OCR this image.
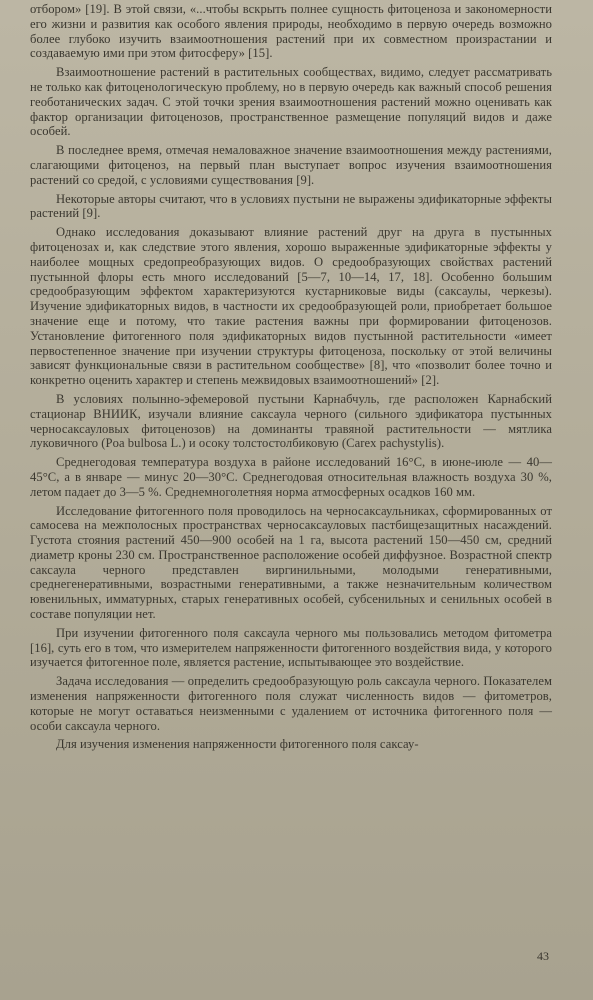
отбором» [19]. В этой связи, «...чтобы вскрыть полнее сущность фитоценоза и закономерности его жизни и развития как особого явления природы, необходимо в первую очередь возможно более глубоко изучить взаимоотношения растений при их совместном произрастании и создаваемую ими при этом фитосферу» [15].

Взаимоотношение растений в растительных сообществах, видимо, следует рассматривать не только как фитоценологическую проблему, но в первую очередь как важный способ решения геоботанических задач. С этой точки зрения взаимоотношения растений можно оценивать как фактор организации фитоценозов, пространственное размещение популяций видов и даже особей.

В последнее время, отмечая немаловажное значение взаимоотношения между растениями, слагающими фитоценоз, на первый план выступает вопрос изучения взаимоотношения растений со средой, с условиями существования [9].

Некоторые авторы считают, что в условиях пустыни не выражены эдификаторные эффекты растений [9].

Однако исследования доказывают влияние растений друг на друга в пустынных фитоценозах и, как следствие этого явления, хорошо выраженные эдификаторные эффекты у наиболее мощных средопреобразующих видов. О средообразующих свойствах растений пустынной флоры есть много исследований [5—7, 10—14, 17, 18]. Особенно большим средообразующим эффектом характеризуются кустарниковые виды (саксаулы, черкезы). Изучение эдификаторных видов, в частности их средообразующей роли, приобретает большое значение еще и потому, что такие растения важны при формировании фитоценозов. Установление фитогенного поля эдификаторных видов пустынной растительности «имеет первостепенное значение при изучении структуры фитоценоза, поскольку от этой величины зависят функциональные связи в растительном сообществе» [8], что «позволит более точно и конкретно оценить характер и степень межвидовых взаимоотношений» [2].

В условиях полынно-эфемеровой пустыни Карнабчуль, где расположен Карнабский стационар ВНИИК, изучали влияние саксаула черного (сильного эдификатора пустынных черносаксауловых фитоценозов) на доминанты травяной растительности — мятлика луковичного (Poa bulbosa L.) и осоку толстостолбиковую (Carex pachystylis).

Среднегодовая температура воздуха в районе исследований 16°C, в июне-июле — 40—45°C, а в январе — минус 20—30°C. Среднегодовая относительная влажность воздуха 30 %, летом падает до 3—5 %. Среднемноголетняя норма атмосферных осадков 160 мм.

Исследование фитогенного поля проводилось на черносаксаульниках, сформированных от самосева на межполосных пространствах черносаксауловых пастбищезащитных насаждений. Густота стояния растений 450—900 особей на 1 га, высота растений 150—450 см, средний диаметр кроны 230 см. Пространственное расположение особей диффузное. Возрастной спектр саксаула черного представлен виргинильными, молодыми генеративными, среднегенеративными, возрастными генеративными, а также незначительным количеством ювенильных, имматурных, старых генеративных особей, субсенильных и сенильных особей в составе популяции нет.

При изучении фитогенного поля саксаула черного мы пользовались методом фитометра [16], суть его в том, что измерителем напряженности фитогенного воздействия вида, у которого изучается фитогенное поле, является растение, испытывающее это воздействие.

Задача исследования — определить средообразующую роль саксаула черного. Показателем изменения напряженности фитогенного поля служат численность видов — фитометров, которые не могут оставаться неизменными с удалением от источника фитогенного поля — особи саксаула черного.

Для изучения изменения напряженности фитогенного поля саксау-

43
